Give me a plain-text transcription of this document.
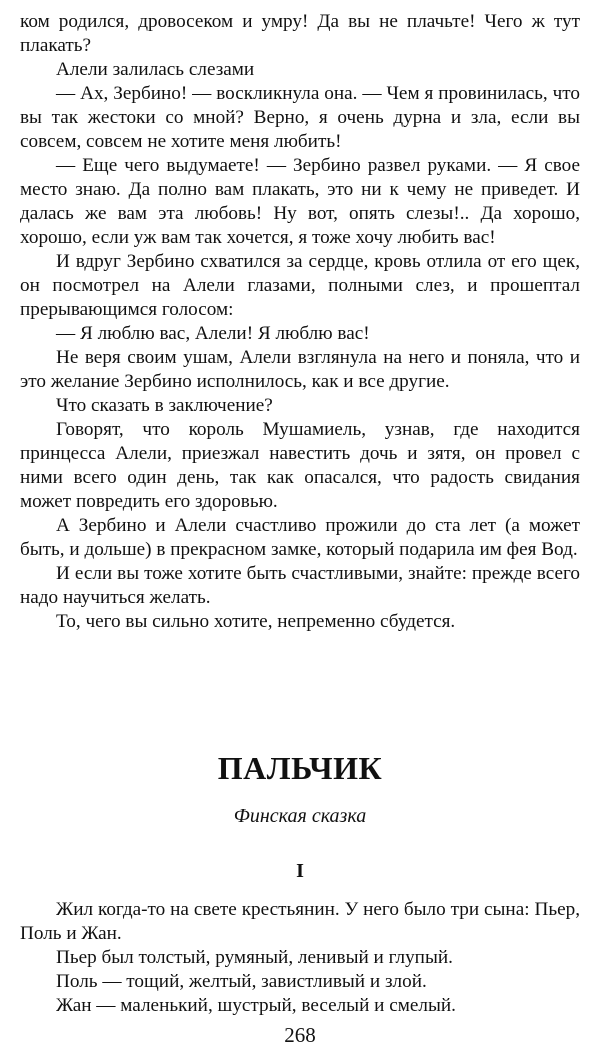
ком родился, дровосеком и умру! Да вы не плачьте! Чего ж тут плакать?

Алели залилась слезами

— Ах, Зербино! — воскликнула она. — Чем я провинилась, что вы так жестоки со мной? Верно, я очень дурна и зла, если вы совсем, совсем не хотите меня любить!

— Еще чего выдумаете! — Зербино развел руками. — Я свое место знаю. Да полно вам плакать, это ни к чему не приведет. И далась же вам эта любовь! Ну вот, опять слезы!.. Да хорошо, хорошо, если уж вам так хочется, я тоже хочу любить вас!

И вдруг Зербино схватился за сердце, кровь отлила от его щек, он посмотрел на Алели глазами, полными слез, и прошептал прерывающимся голосом:

— Я люблю вас, Алели! Я люблю вас!

Не веря своим ушам, Алели взглянула на него и поняла, что и это желание Зербино исполнилось, как и все другие.

Что сказать в заключение?

Говорят, что король Мушамиель, узнав, где находится принцесса Алели, приезжал навестить дочь и зятя, он провел с ними всего один день, так как опасался, что радость свидания может повредить его здоровью.

А Зербино и Алели счастливо прожили до ста лет (а может быть, и дольше) в прекрасном замке, который подарила им фея Вод.

И если вы тоже хотите быть счастливыми, знайте: прежде всего надо научиться желать.

То, чего вы сильно хотите, непременно сбудется.

ПАЛЬЧИК

Финская сказка

I

Жил когда-то на свете крестьянин. У него было три сына: Пьер, Поль и Жан.

Пьер был толстый, румяный, ленивый и глупый.

Поль — тощий, желтый, завистливый и злой.

Жан — маленький, шустрый, веселый и смелый.

268
